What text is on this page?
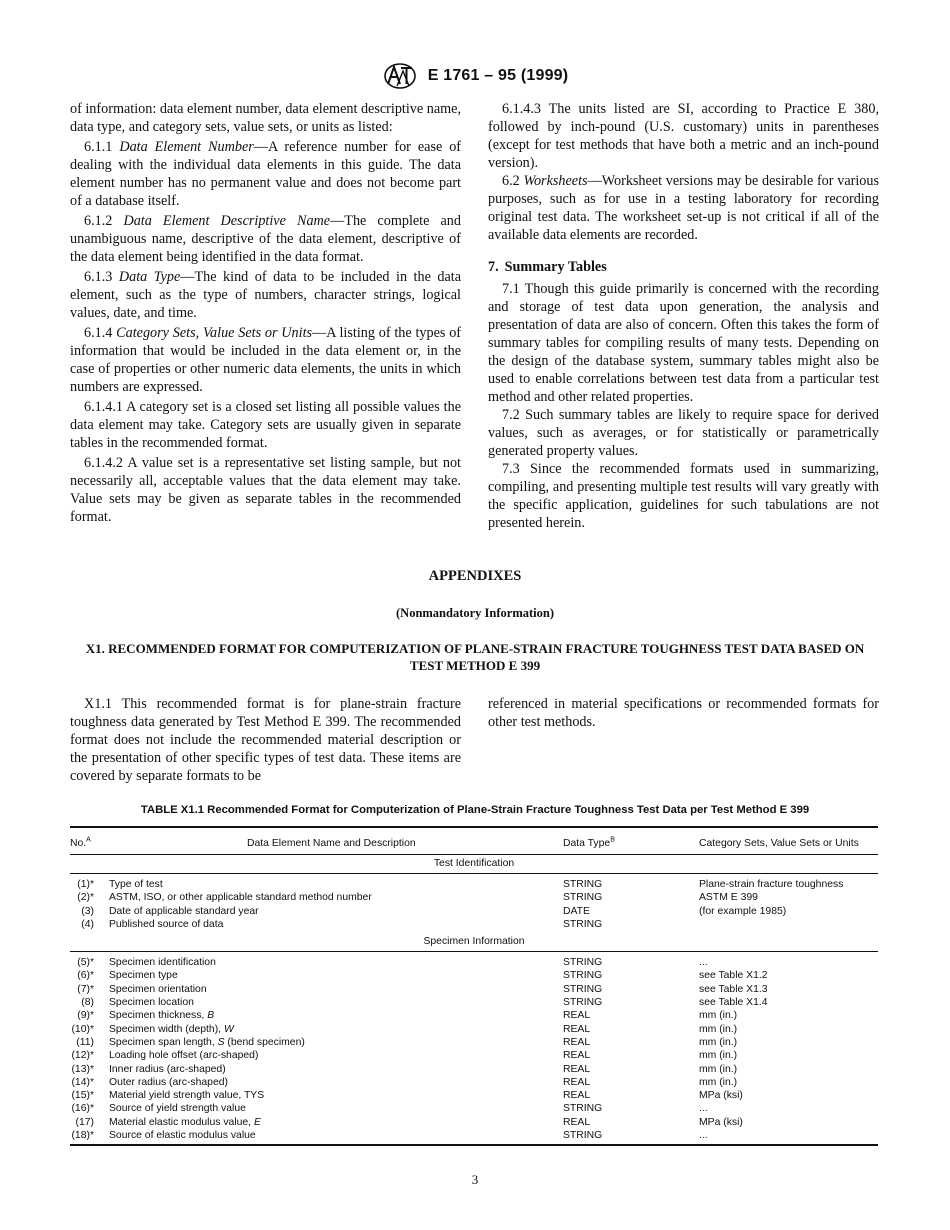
E 1761 – 95 (1999)

of information: data element number, data element descriptive name, data type, and category sets, value sets, or units as listed:

6.1.1 Data Element Number—A reference number for ease of dealing with the individual data elements in this guide. The data element number has no permanent value and does not become part of a database itself.

6.1.2 Data Element Descriptive Name—The complete and unambiguous name, descriptive of the data element, descriptive of the data element being identified in the data format.

6.1.3 Data Type—The kind of data to be included in the data element, such as the type of numbers, character strings, logical values, date, and time.

6.1.4 Category Sets, Value Sets or Units—A listing of the types of information that would be included in the data element or, in the case of properties or other numeric data elements, the units in which numbers are expressed.

6.1.4.1 A category set is a closed set listing all possible values the data element may take. Category sets are usually given in separate tables in the recommended format.

6.1.4.2 A value set is a representative set listing sample, but not necessarily all, acceptable values that the data element may take. Value sets may be given as separate tables in the recommended format.

6.1.4.3 The units listed are SI, according to Practice E 380, followed by inch-pound (U.S. customary) units in parentheses (except for test methods that have both a metric and an inch-pound version).

6.2 Worksheets—Worksheet versions may be desirable for various purposes, such as for use in a testing laboratory for recording original test data. The worksheet set-up is not critical if all of the available data elements are recorded.

7. Summary Tables

7.1 Though this guide primarily is concerned with the recording and storage of test data upon generation, the analysis and presentation of data are also of concern. Often this takes the form of summary tables for compiling results of many tests. Depending on the design of the database system, summary tables might also be used to enable correlations between test data from a particular test method and other related properties.

7.2 Such summary tables are likely to require space for derived values, such as averages, or for statistically or parametrically generated property values.

7.3 Since the recommended formats used in summarizing, compiling, and presenting multiple test results will vary greatly with the specific application, guidelines for such tabulations are not presented herein.

APPENDIXES
(Nonmandatory Information)
X1. RECOMMENDED FORMAT FOR COMPUTERIZATION OF PLANE-STRAIN FRACTURE TOUGHNESS TEST DATA BASED ON TEST METHOD E 399

X1.1 This recommended format is for plane-strain fracture toughness data generated by Test Method E 399. The recommended format does not include the recommended material description or the presentation of other specific types of test data. These items are covered by separate formats to be

referenced in material specifications or recommended formats for other test methods.

TABLE X1.1 Recommended Format for Computerization of Plane-Strain Fracture Toughness Test Data per Test Method E 399
No.$^A$	Data Element Name and Description	Data Type$^B$	Category Sets, Value Sets or Units
Test Identification
(1)* Type of test	STRING	Plane-strain fracture toughness
(2)* ASTM, ISO, or other applicable standard method number	STRING	ASTM E 399
(3) Date of applicable standard year	DATE	(for example 1985)
(4) Published source of data	STRING
Specimen Information
(5)* Specimen identification	STRING	...
(6)* Specimen type	STRING	see Table X1.2
(7)* Specimen orientation	STRING	see Table X1.3
(8) Specimen location	STRING	see Table X1.4
(9)* Specimen thickness, B	REAL	mm (in.)
(10)* Specimen width (depth), W	REAL	mm (in.)
(11) Specimen span length, S (bend specimen)	REAL	mm (in.)
(12)* Loading hole offset (arc-shaped)	REAL	mm (in.)
(13)* Inner radius (arc-shaped)	REAL	mm (in.)
(14)* Outer radius (arc-shaped)	REAL	mm (in.)
(15)* Material yield strength value, TYS	REAL	MPa (ksi)
(16)* Source of yield strength value	STRING	...
(17) Material elastic modulus value, E	REAL	MPa (ksi)
(18)* Source of elastic modulus value	STRING	...
3
